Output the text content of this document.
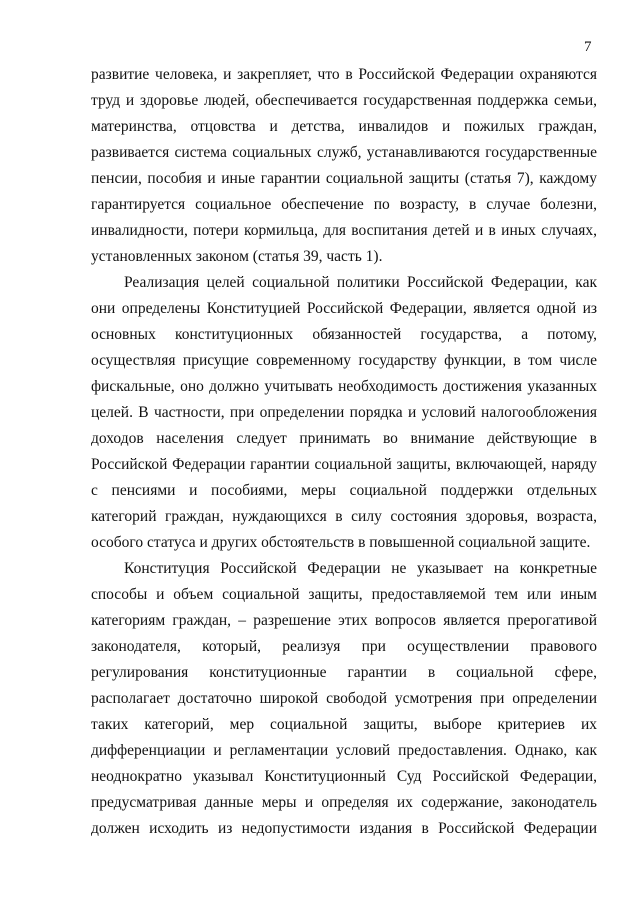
7
развитие человека, и закрепляет, что в Российской Федерации охраняются
труд и здоровье людей, обеспечивается государственная поддержка семьи,
материнства, отцовства и детства, инвалидов и пожилых граждан,
развивается система социальных служб, устанавливаются государственные
пенсии, пособия и иные гарантии социальной защиты (статья 7), каждому
гарантируется социальное обеспечение по возрасту, в случае болезни,
инвалидности, потери кормильца, для воспитания детей и в иных случаях,
установленных законом (статья 39, часть 1).
Реализация целей социальной политики Российской Федерации, как
они определены Конституцией Российской Федерации, является одной из
основных конституционных обязанностей государства, а потому,
осуществляя присущие современному государству функции, в том числе
фискальные, оно должно учитывать необходимость достижения указанных
целей. В частности, при определении порядка и условий налогообложения
доходов населения следует принимать во внимание действующие в
Российской Федерации гарантии социальной защиты, включающей, наряду
с пенсиями и пособиями, меры социальной поддержки отдельных
категорий граждан, нуждающихся в силу состояния здоровья, возраста,
особого статуса и других обстоятельств в повышенной социальной защите.
Конституция Российской Федерации не указывает на конкретные
способы и объем социальной защиты, предоставляемой тем или иным
категориям граждан, – разрешение этих вопросов является прерогативой
законодателя, который, реализуя при осуществлении правового
регулирования конституционные гарантии в социальной сфере,
располагает достаточно широкой свободой усмотрения при определении
таких категорий, мер социальной защиты, выборе критериев их
дифференциации и регламентации условий предоставления. Однако, как
неоднократно указывал Конституционный Суд Российской Федерации,
предусматривая данные меры и определяя их содержание, законодатель
должен исходить из недопустимости издания в Российской Федерации
